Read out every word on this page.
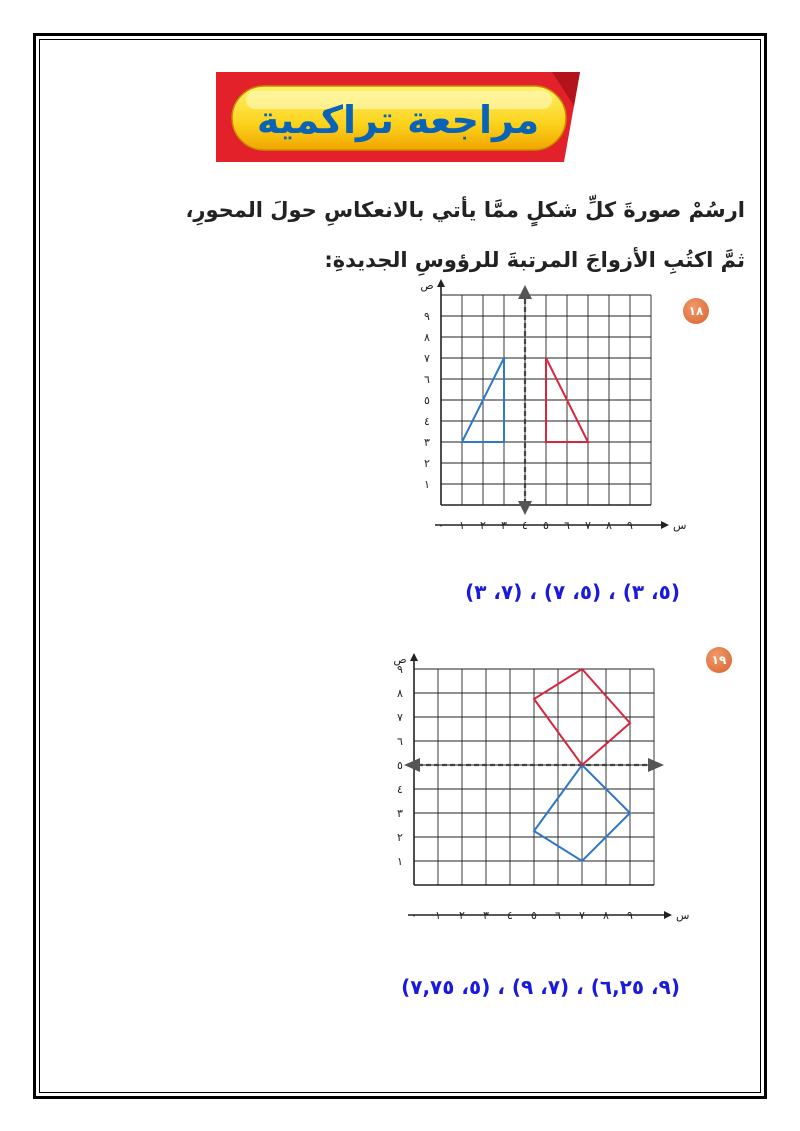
مراجعة تراكمية
ارسُمْ صورةَ كلِّ شكلٍ ممَّا يأتي بالانعكاسِ حولَ المحورِ،
ثمَّ اكتُبِ الأزواجَ المرتبةَ للرؤوسِ الجديدةِ:
١٨
١٩
٠ ١ ٢ ٣ ٤ ٥ ٦ ٧ ٨ ٩	س
١
٢
٣
٤
٥
٦
٧
٨
٩
ص
٠ ١ ٢ ٣ ٤ ٥ ٦ ٧ ٨ ٩	س
١
٢
٣
٤
٥
٦
٧
٨
٩
ص
(٥، ٣) ، (٥، ٧) ، (٧، ٣)
(٩، ٦,٢٥) ، (٧، ٩) ، (٥، ٧,٧٥)
